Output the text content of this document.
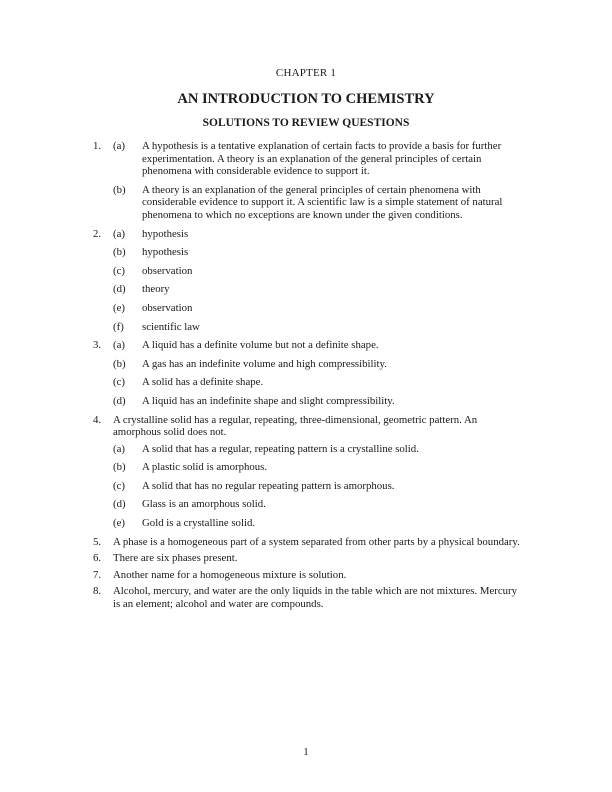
CHAPTER 1
AN INTRODUCTION TO CHEMISTRY
SOLUTIONS TO REVIEW QUESTIONS
1. (a) A hypothesis is a tentative explanation of certain facts to provide a basis for further experimentation. A theory is an explanation of the general principles of certain phenomena with considerable evidence to support it.
(b) A theory is an explanation of the general principles of certain phenomena with considerable evidence to support it. A scientific law is a simple statement of natural phenomena to which no exceptions are known under the given conditions.
2. (a) hypothesis
(b) hypothesis
(c) observation
(d) theory
(e) observation
(f) scientific law
3. (a) A liquid has a definite volume but not a definite shape.
(b) A gas has an indefinite volume and high compressibility.
(c) A solid has a definite shape.
(d) A liquid has an indefinite shape and slight compressibility.
4. A crystalline solid has a regular, repeating, three-dimensional, geometric pattern. An amorphous solid does not.
(a) A solid that has a regular, repeating pattern is a crystalline solid.
(b) A plastic solid is amorphous.
(c) A solid that has no regular repeating pattern is amorphous.
(d) Glass is an amorphous solid.
(e) Gold is a crystalline solid.
5. A phase is a homogeneous part of a system separated from other parts by a physical boundary.
6. There are six phases present.
7. Another name for a homogeneous mixture is solution.
8. Alcohol, mercury, and water are the only liquids in the table which are not mixtures. Mercury is an element; alcohol and water are compounds.
1
